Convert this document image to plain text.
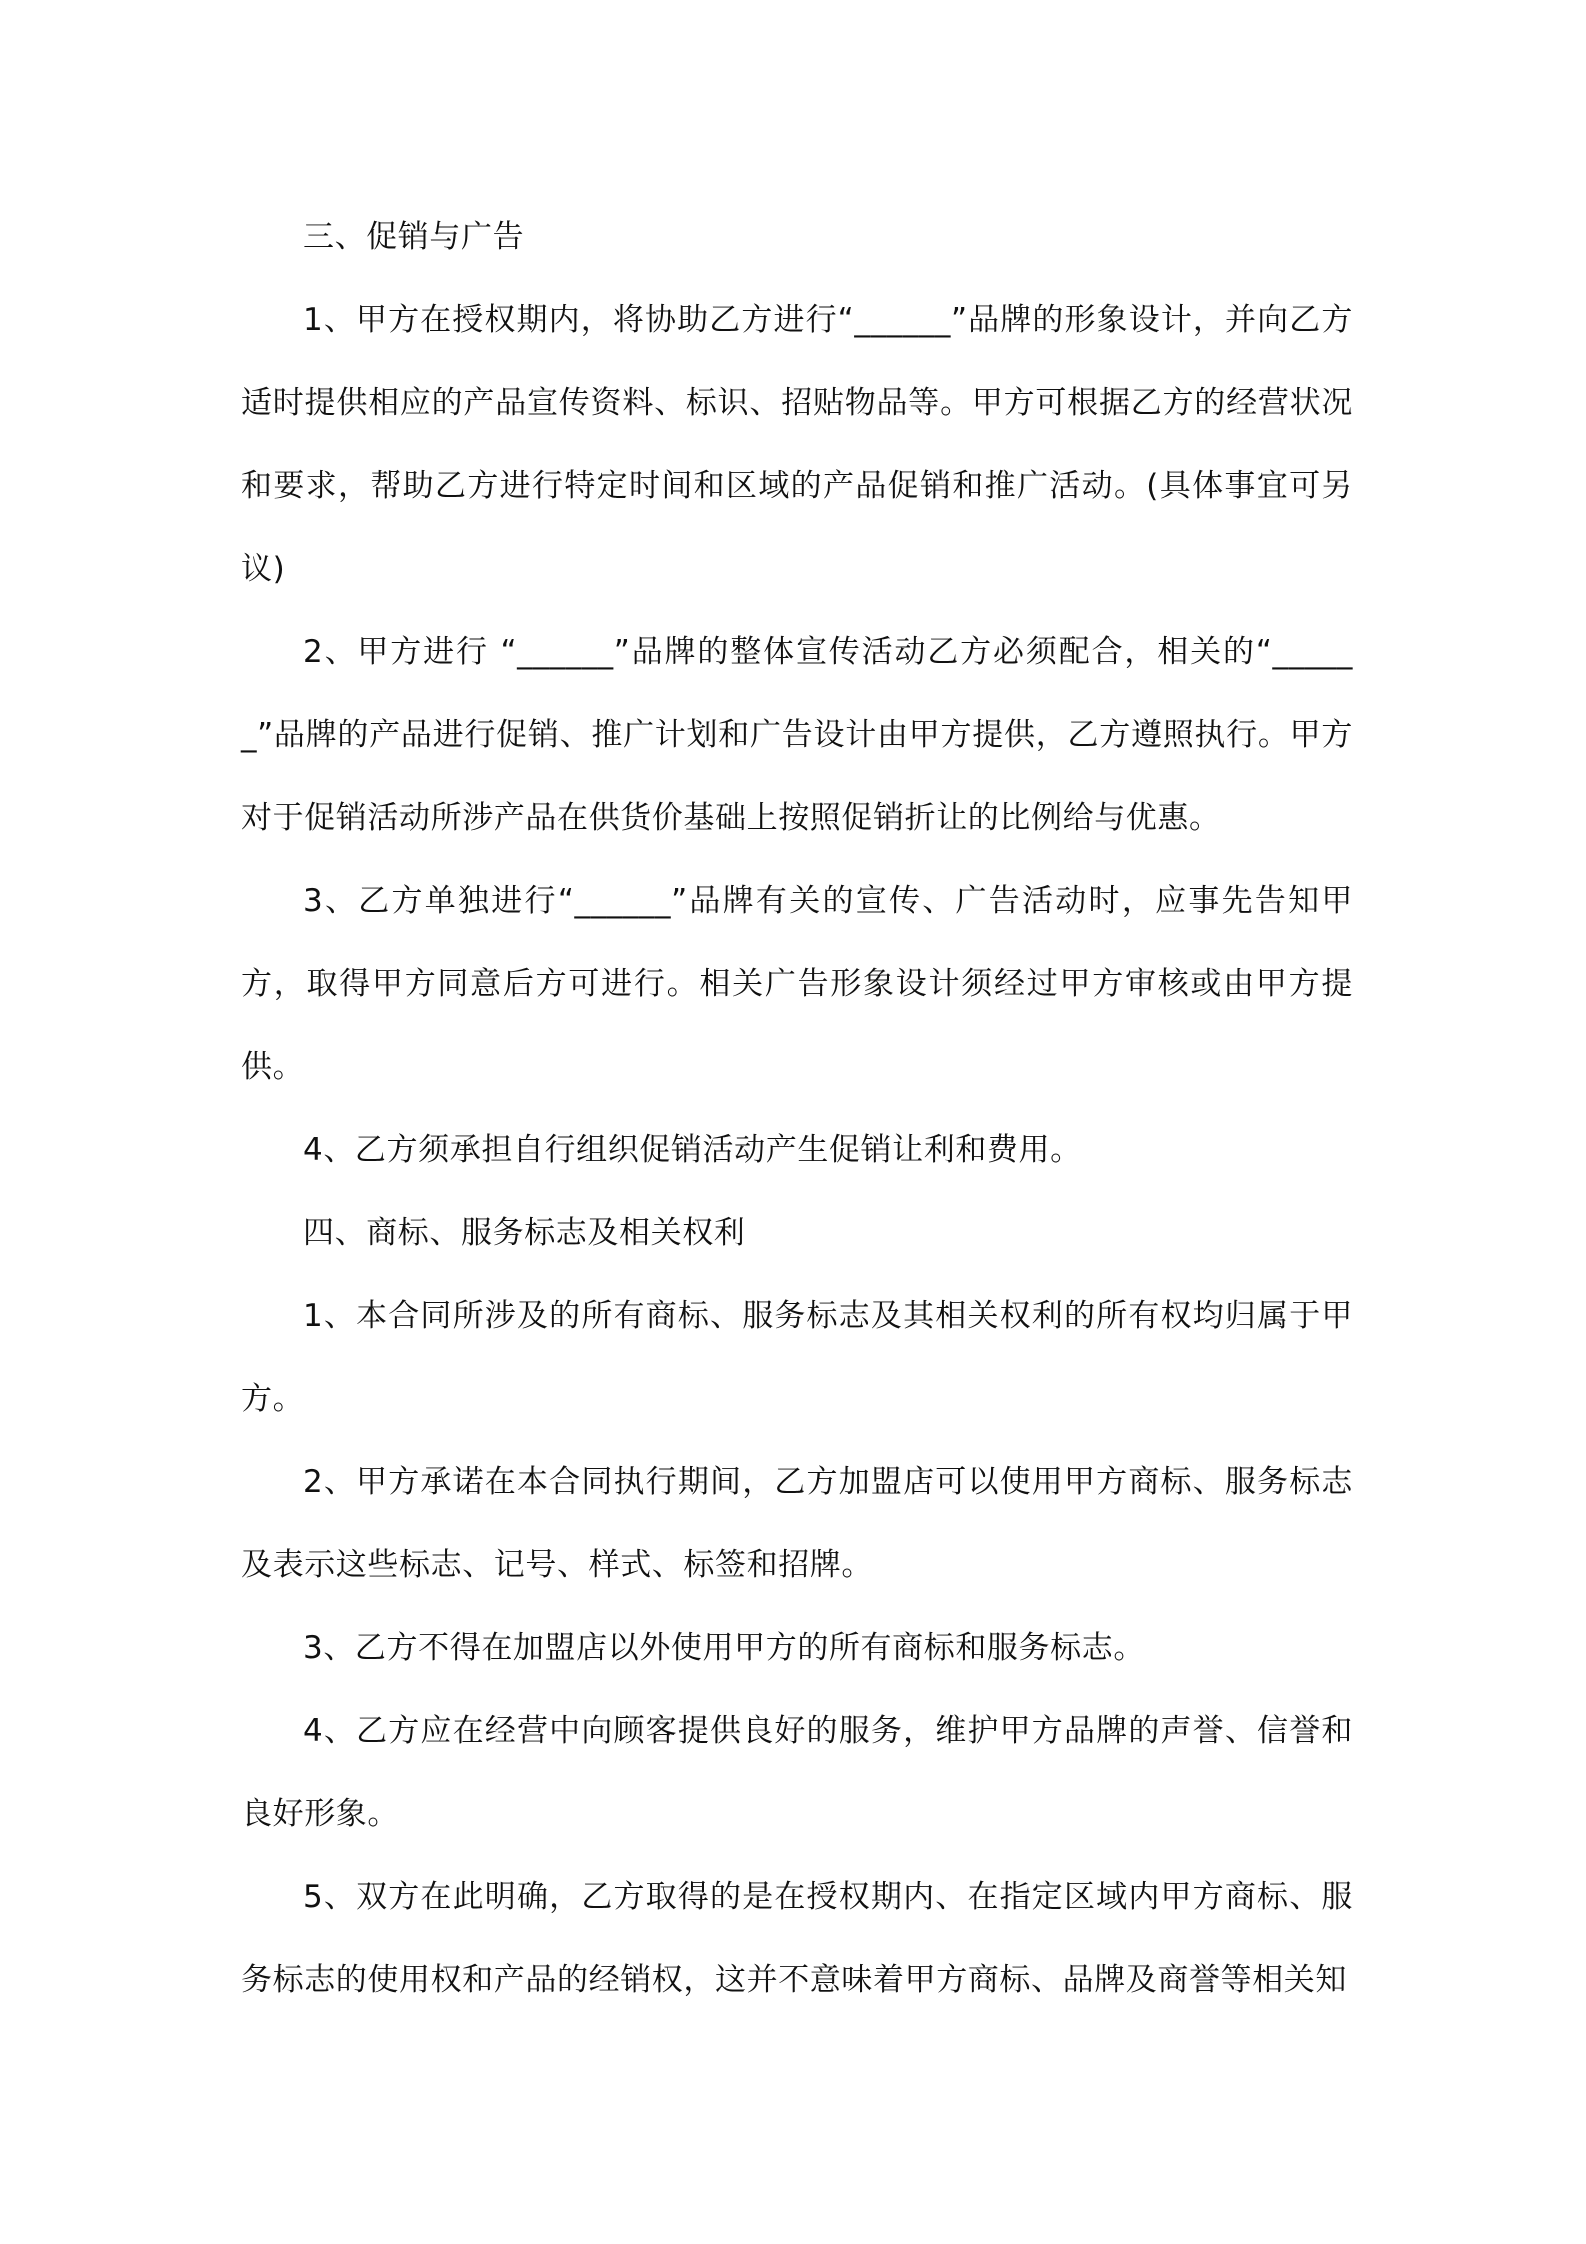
三、促销与广告

1、甲方在授权期内，将协助乙方进行“______”品牌的形象设计，并向乙方适时提供相应的产品宣传资料、标识、招贴物品等。甲方可根据乙方的经营状况和要求，帮助乙方进行特定时间和区域的产品促销和推广活动。(具体事宜可另议)

2、甲方进行 “______”品牌的整体宣传活动乙方必须配合，相关的“______”品牌的产品进行促销、推广计划和广告设计由甲方提供，乙方遵照执行。甲方对于促销活动所涉产品在供货价基础上按照促销折让的比例给与优惠。

3、乙方单独进行“______”品牌有关的宣传、广告活动时，应事先告知甲方，取得甲方同意后方可进行。相关广告形象设计须经过甲方审核或由甲方提供。

4、乙方须承担自行组织促销活动产生促销让利和费用。

四、商标、服务标志及相关权利

1、本合同所涉及的所有商标、服务标志及其相关权利的所有权均归属于甲方。

2、甲方承诺在本合同执行期间，乙方加盟店可以使用甲方商标、服务标志及表示这些标志、记号、样式、标签和招牌。

3、乙方不得在加盟店以外使用甲方的所有商标和服务标志。

4、乙方应在经营中向顾客提供良好的服务，维护甲方品牌的声誉、信誉和良好形象。

5、双方在此明确，乙方取得的是在授权期内、在指定区域内甲方商标、服务标志的使用权和产品的经销权，这并不意味着甲方商标、品牌及商誉等相关知
